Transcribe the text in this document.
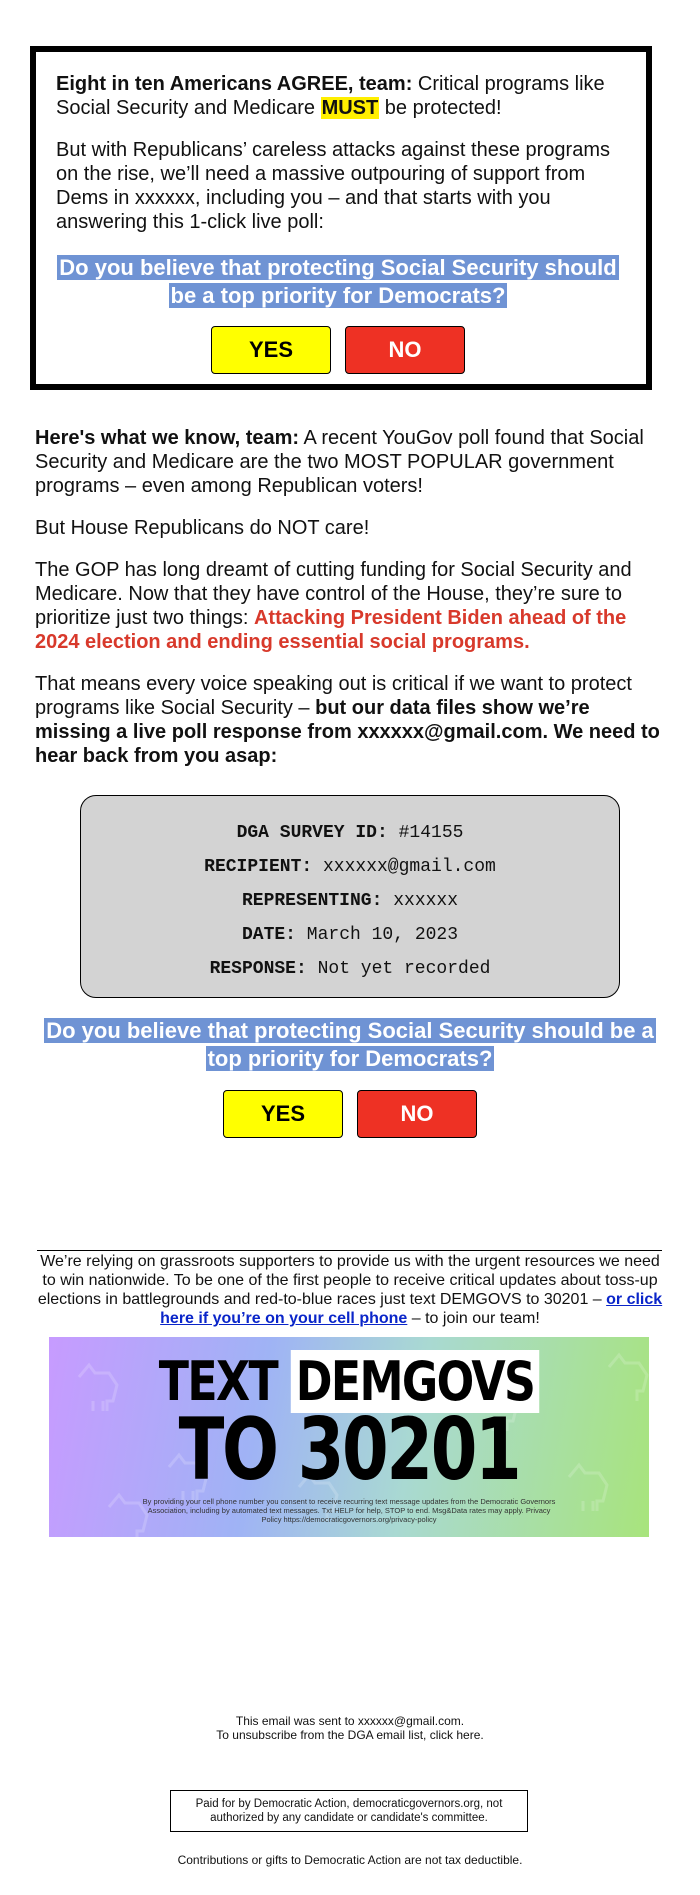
Eight in ten Americans AGREE, team: Critical programs like Social Security and Medicare MUST be protected!

But with Republicans’ careless attacks against these programs on the rise, we’ll need a massive outpouring of support from Dems in xxxxxx, including you – and that starts with you answering this 1-click live poll:

Do you believe that protecting Social Security should be a top priority for Democrats?

YES	NO

Here's what we know, team: A recent YouGov poll found that Social Security and Medicare are the two MOST POPULAR government programs – even among Republican voters!

But House Republicans do NOT care!

The GOP has long dreamt of cutting funding for Social Security and Medicare. Now that they have control of the House, they’re sure to prioritize just two things: Attacking President Biden ahead of the 2024 election and ending essential social programs.

That means every voice speaking out is critical if we want to protect programs like Social Security – but our data files show we’re missing a live poll response from xxxxxx@gmail.com. We need to hear back from you asap:

DGA SURVEY ID: #14155
RECIPIENT: xxxxxx@gmail.com
REPRESENTING: xxxxxx
DATE: March 10, 2023
RESPONSE: Not yet recorded

Do you believe that protecting Social Security should be a top priority for Democrats?

YES	NO

We’re relying on grassroots supporters to provide us with the urgent resources we need to win nationwide. To be one of the first people to receive critical updates about toss-up elections in battlegrounds and red-to-blue races just text DEMGOVS to 30201 – or click here if you’re on your cell phone – to join our team!

TEXT DEMGOVS
TO 30201
By providing your cell phone number you consent to receive recurring text message updates from the Democratic Governors Association, including by automated text messages. Txt HELP for help, STOP to end. Msg&Data rates may apply. Privacy Policy https://democraticgovernors.org/privacy-policy

This email was sent to xxxxxx@gmail.com.
To unsubscribe from the DGA email list, click here.

Paid for by Democratic Action, democraticgovernors.org, not authorized by any candidate or candidate's committee.

Contributions or gifts to Democratic Action are not tax deductible.
